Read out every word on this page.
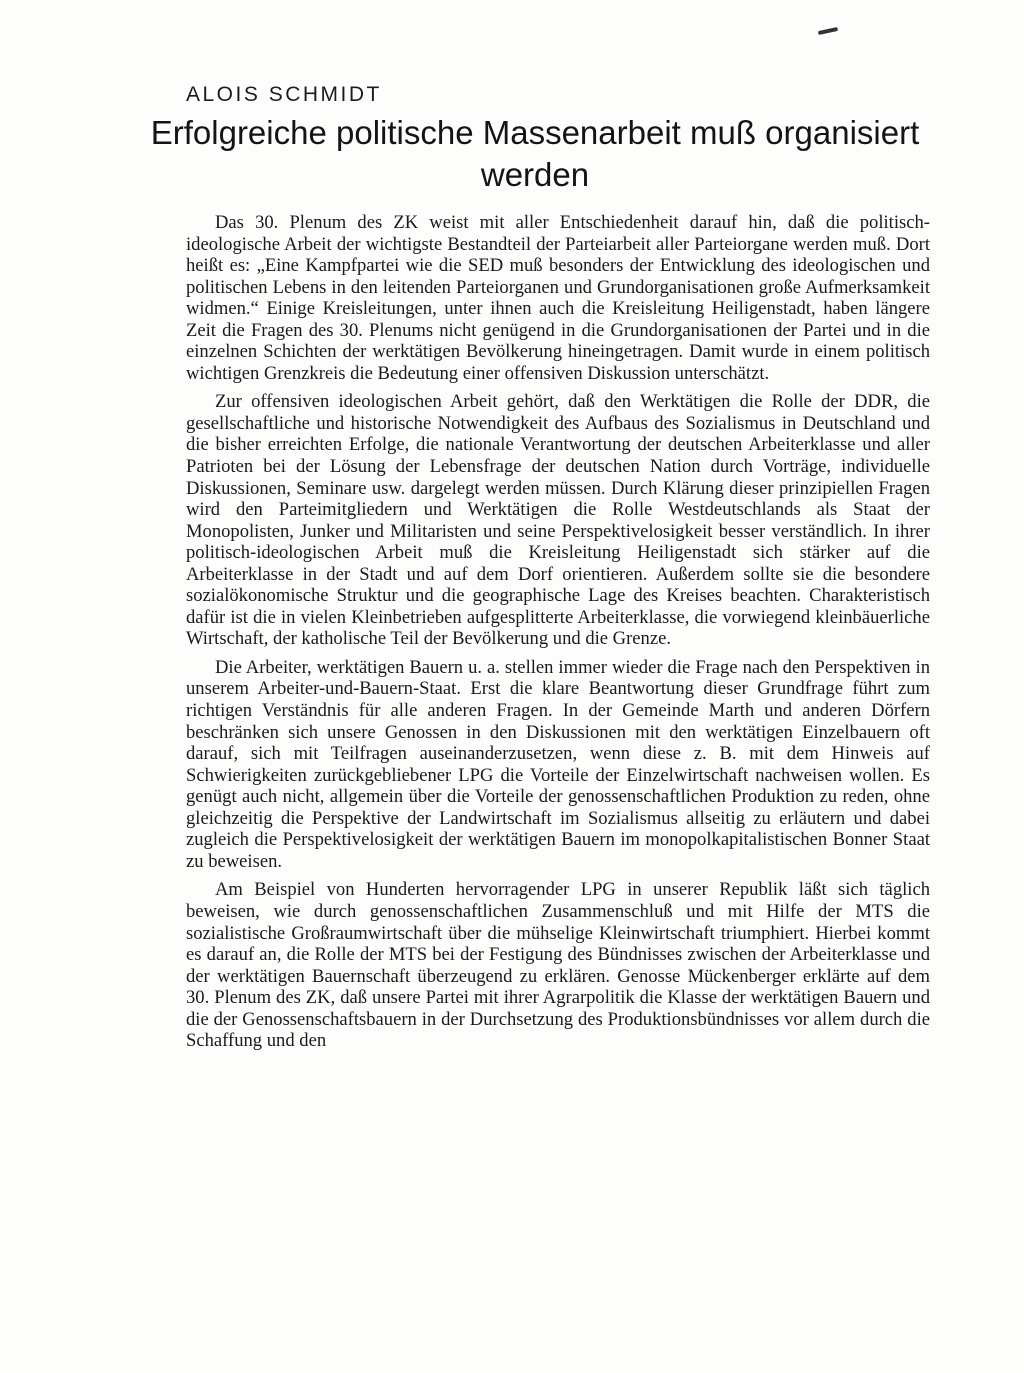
ALOIS SCHMIDT
Erfolgreiche politische Massenarbeit muß organisiert werden

Das 30. Plenum des ZK weist mit aller Entschiedenheit darauf hin, daß die politisch-ideologische Arbeit der wichtigste Bestandteil der Parteiarbeit aller Parteiorgane werden muß. Dort heißt es: „Eine Kampfpartei wie die SED muß besonders der Entwicklung des ideologischen und politischen Lebens in den leitenden Parteiorganen und Grundorganisationen große Aufmerksamkeit widmen.“ Einige Kreisleitungen, unter ihnen auch die Kreisleitung Heiligenstadt, haben längere Zeit die Fragen des 30. Plenums nicht genügend in die Grundorganisationen der Partei und in die einzelnen Schichten der werktätigen Bevölkerung hineingetragen. Damit wurde in einem politisch wichtigen Grenzkreis die Bedeutung einer offensiven Diskussion unterschätzt.

Zur offensiven ideologischen Arbeit gehört, daß den Werktätigen die Rolle der DDR, die gesellschaftliche und historische Notwendigkeit des Aufbaus des Sozialismus in Deutschland und die bisher erreichten Erfolge, die nationale Verantwortung der deutschen Arbeiterklasse und aller Patrioten bei der Lösung der Lebensfrage der deutschen Nation durch Vorträge, individuelle Diskussionen, Seminare usw. dargelegt werden müssen. Durch Klärung dieser prinzipiellen Fragen wird den Parteimitgliedern und Werktätigen die Rolle Westdeutschlands als Staat der Monopolisten, Junker und Militaristen und seine Perspektivelosigkeit besser verständlich. In ihrer politisch-ideologischen Arbeit muß die Kreisleitung Heiligenstadt sich stärker auf die Arbeiterklasse in der Stadt und auf dem Dorf orientieren. Außerdem sollte sie die besondere sozialökonomische Struktur und die geographische Lage des Kreises beachten. Charakteristisch dafür ist die in vielen Kleinbetrieben aufgesplitterte Arbeiterklasse, die vorwiegend kleinbäuerliche Wirtschaft, der katholische Teil der Bevölkerung und die Grenze.

Die Arbeiter, werktätigen Bauern u. a. stellen immer wieder die Frage nach den Perspektiven in unserem Arbeiter-und-Bauern-Staat. Erst die klare Beantwortung dieser Grundfrage führt zum richtigen Verständnis für alle anderen Fragen. In der Gemeinde Marth und anderen Dörfern beschränken sich unsere Genossen in den Diskussionen mit den werktätigen Einzelbauern oft darauf, sich mit Teilfragen auseinanderzusetzen, wenn diese z. B. mit dem Hinweis auf Schwierigkeiten zurückgebliebener LPG die Vorteile der Einzelwirtschaft nachweisen wollen. Es genügt auch nicht, allgemein über die Vorteile der genossenschaftlichen Produktion zu reden, ohne gleichzeitig die Perspektive der Landwirtschaft im Sozialismus allseitig zu erläutern und dabei zugleich die Perspektivelosigkeit der werktätigen Bauern im monopolkapitalistischen Bonner Staat zu beweisen.

Am Beispiel von Hunderten hervorragender LPG in unserer Republik läßt sich täglich beweisen, wie durch genossenschaftlichen Zusammenschluß und mit Hilfe der MTS die sozialistische Großraumwirtschaft über die mühselige Kleinwirtschaft triumphiert. Hierbei kommt es darauf an, die Rolle der MTS bei der Festigung des Bündnisses zwischen der Arbeiterklasse und der werktätigen Bauernschaft überzeugend zu erklären. Genosse Mückenberger erklärte auf dem 30. Plenum des ZK, daß unsere Partei mit ihrer Agrarpolitik die Klasse der werktätigen Bauern und die der Genossenschaftsbauern in der Durchsetzung des Produktionsbündnisses vor allem durch die Schaffung und den
